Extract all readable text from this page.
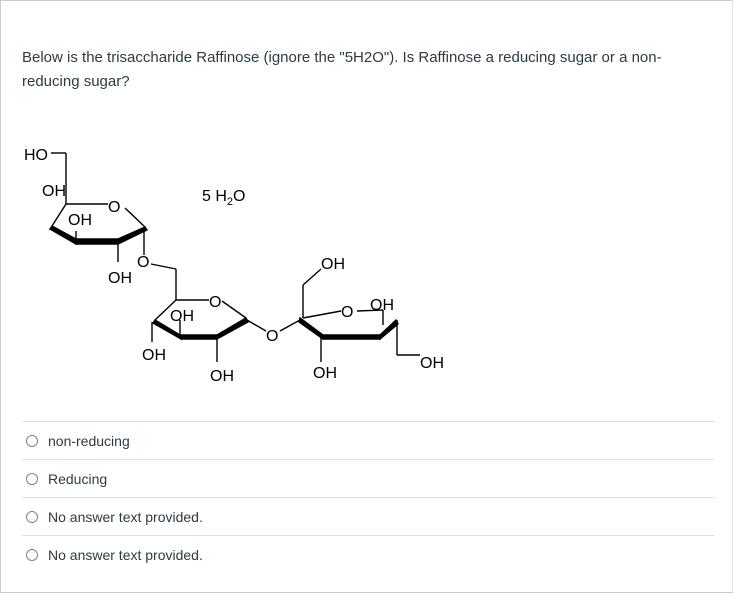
Below is the trisaccharide Raffinose (ignore the "5H2O"). Is Raffinose a reducing sugar or a non-reducing sugar?
HO
OH
O
OH
O
OH
5 $H_2O$
O
OH
OH
O
OH
OH
O OH
OH
OH
non-reducing
Reducing
No answer text provided.
No answer text provided.
